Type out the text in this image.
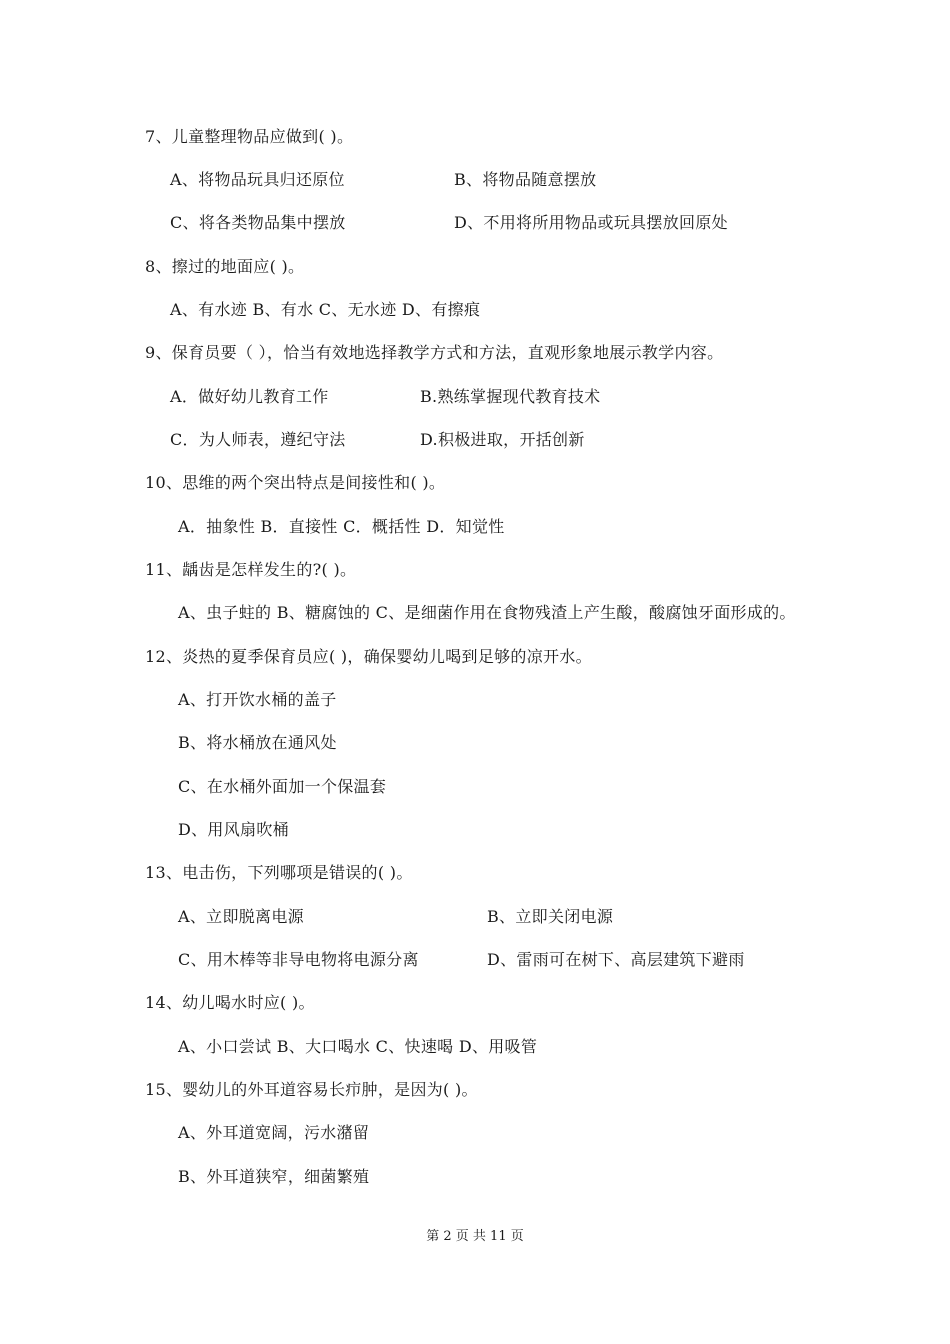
7、儿童整理物品应做到( )。
A、将物品玩具归还原位	B、将物品随意摆放
C、将各类物品集中摆放	D、不用将所用物品或玩具摆放回原处
8、擦过的地面应( )。
A、有水迹 B、有水 C、无水迹 D、有擦痕
9、保育员要（ ），恰当有效地选择教学方式和方法，直观形象地展示教学内容。
A．做好幼儿教育工作	B.熟练掌握现代教育技术
C．为人师表，遵纪守法	D.积极进取，开括创新
10、思维的两个突出特点是间接性和( )。
A．抽象性 B．直接性 C．概括性 D．知觉性
11、龋齿是怎样发生的?( )。
A、虫子蛀的 B、糖腐蚀的 C、是细菌作用在食物残渣上产生酸，酸腐蚀牙面形成的。
12、炎热的夏季保育员应( )，确保婴幼儿喝到足够的凉开水。
A、打开饮水桶的盖子
B、将水桶放在通风处
C、在水桶外面加一个保温套
D、用风扇吹桶
13、电击伤，下列哪项是错误的( )。
A、立即脱离电源	B、立即关闭电源
C、用木棒等非导电物将电源分离	D、雷雨可在树下、高层建筑下避雨
14、幼儿喝水时应( )。
A、小口尝试 B、大口喝水 C、快速喝 D、用吸管
15、婴幼儿的外耳道容易长疖肿，是因为( )。
A、外耳道宽阔，污水潴留
B、外耳道狭窄，细菌繁殖
第 2 页 共 11 页
